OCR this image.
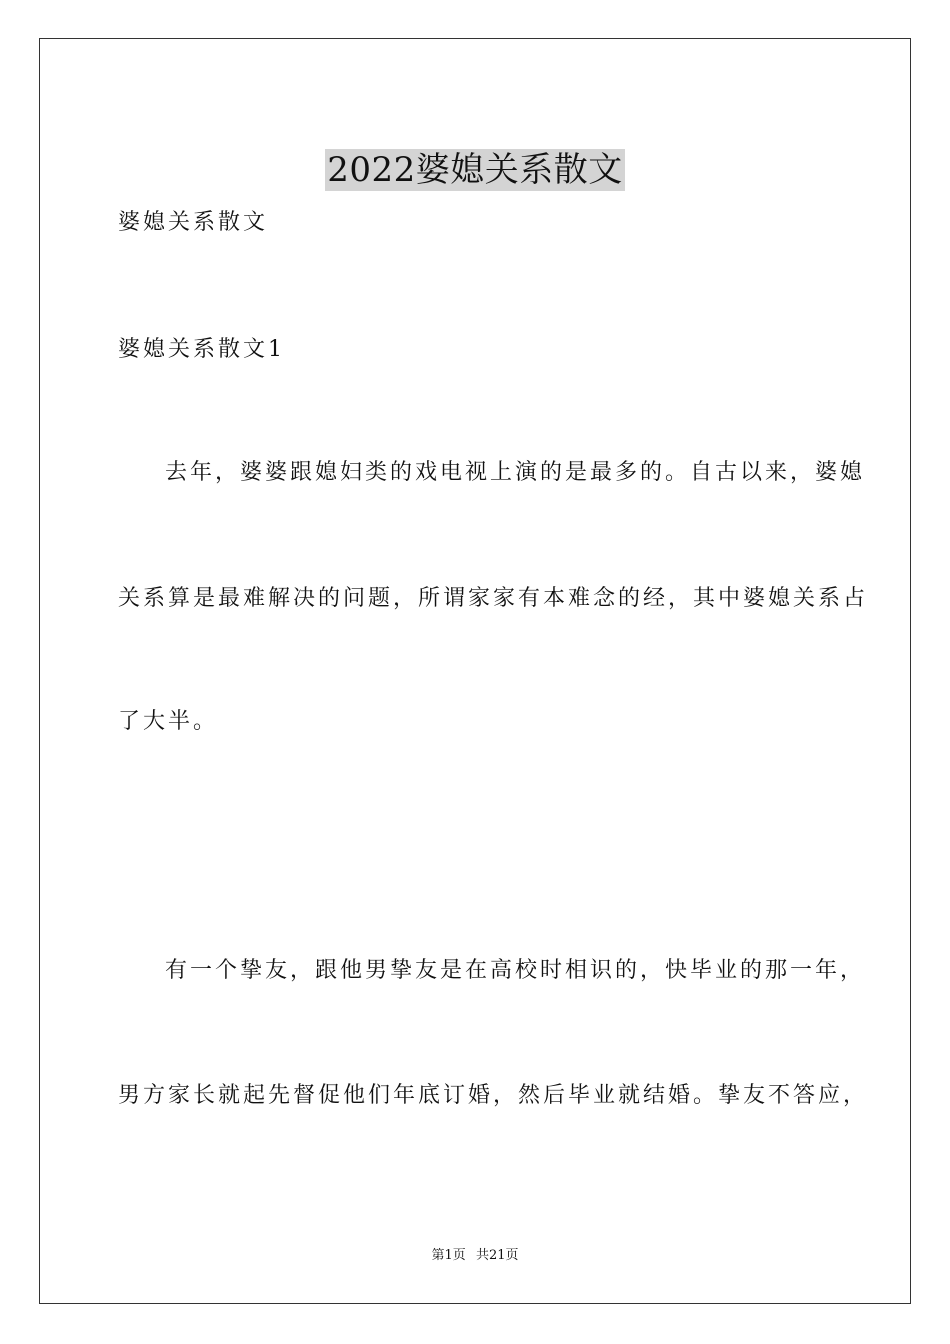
2022婆媳关系散文
婆媳关系散文
婆媳关系散文1
去年，婆婆跟媳妇类的戏电视上演的是最多的。自古以来，婆媳
关系算是最难解决的问题，所谓家家有本难念的经，其中婆媳关系占
了大半。
有一个挚友，跟他男挚友是在高校时相识的，快毕业的那一年，
男方家长就起先督促他们年底订婚，然后毕业就结婚。挚友不答应，
第1页 共21页
